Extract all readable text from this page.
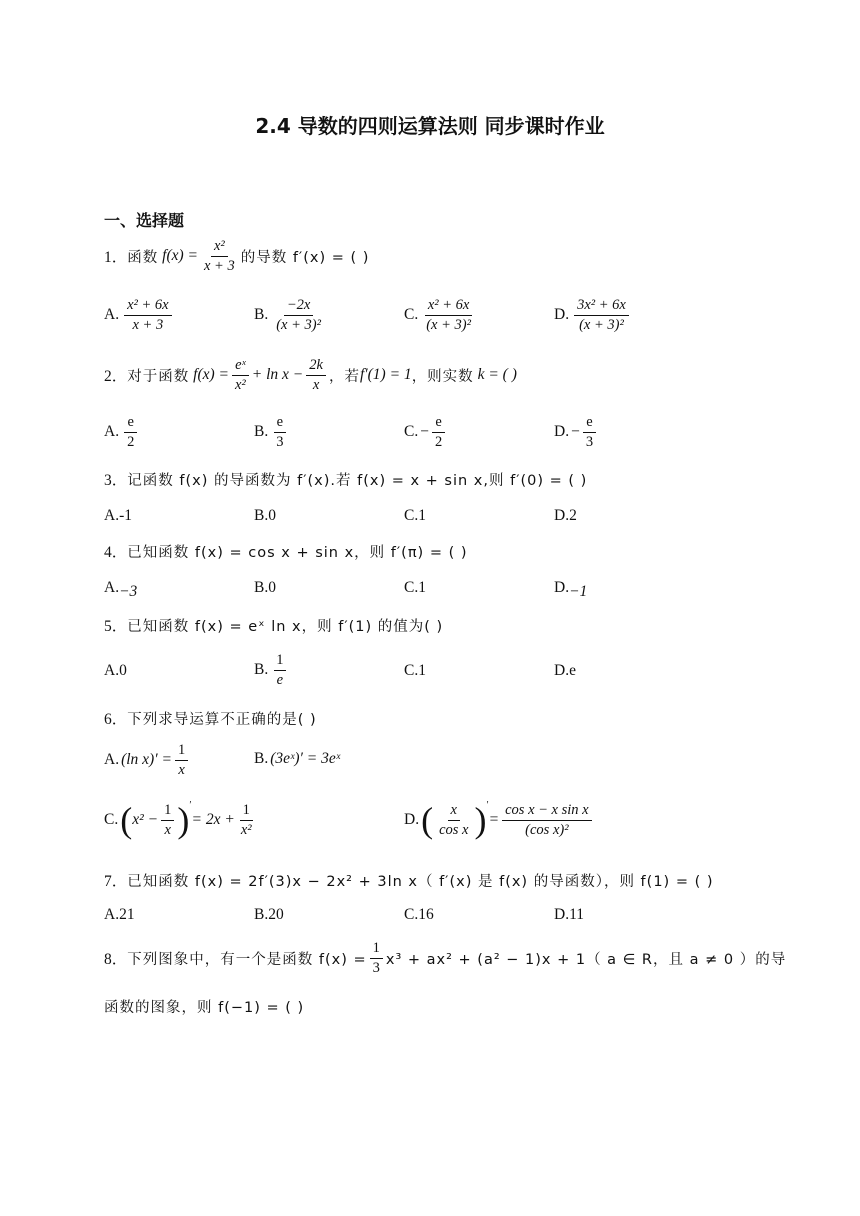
2.4 导数的四则运算法则 同步课时作业
一、选择题
1． 函数
$f(x) = \frac{\text{x²}}{x + 3}$ 的导数 f′(x) = ( )
A. $\frac{\text{x² + 6x}}{x + 3}$	B. $\frac{-2x}{\text{(x + 3)²}}$	C. $\frac{\text{x² + 6x}}{\text{(x + 3)²}}$	D. $\frac{\text{3x² + 6x}}{\text{(x + 3)²}}$
2． 对于函数
$f(x) = \frac{\text{eˣ}}{\text{x²}} + \ln x - \frac{2k}{x}$ ，若 f′(1) = 1 ，则实数
k = ( )
A. $\frac{e}{2}$	B. $\frac{e}{3}$	C. − $\frac{e}{2}$	D. − $\frac{e}{3}$
3． 记函数 f(x) 的导函数为 f′(x).若 f(x) = x + sin x,则 f′(0) = ( )
A.-1	B.0	C.1	D.2
4． 已知函数 f(x) = cos x + sin x，则 f′(π) = ( )
A. −3	B.0	C.1	D. −1
5． 已知函数 f(x) = eˣ ln x，则 f′(1) 的值为( )
A.0	B. $\frac{1}{e}$	C.1	D.e
6． 下列求导运算不正确的是( )
A. (ln $x)' = \frac{1}{x}$	B. (3eˣ)′ = 3eˣ
C. ( $x^2 - \frac{1}{x} )'$
= $2x + \frac{1}{\text{x²}}$	D. ( $\frac{x}{\text{cos x}} )'$
= $\frac{\text{cos x − x sin x}}{\text{(cos x)²}}$
7． 已知函数 f(x) = 2f′(3)x − 2x² + 3ln x（ f′(x) 是 f(x) 的导函数），则 f(1) = ( )
A.21	B.20	C.16	D.11
8． 下列图象中，有一个是函数 $f(x) = \frac{1}{3} x^3 + ax^2 + (a^2 - 1)x + 1$（ a ∈ R，且 a ≠ 0 ）的导
函数的图象，则 f(−1) = ( )
